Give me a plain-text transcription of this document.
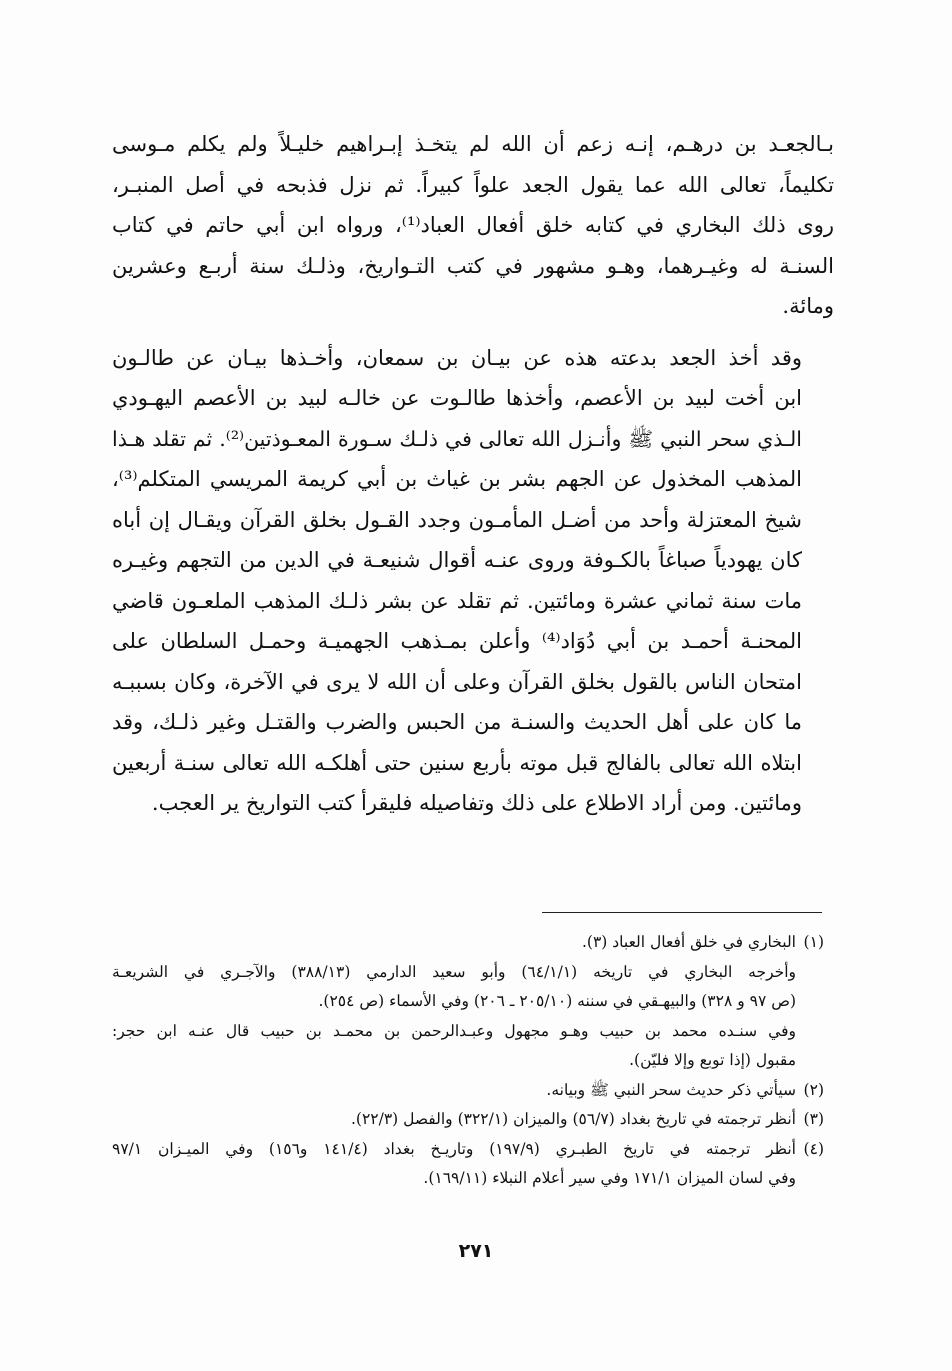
بـالجعـد بن درهـم، إنـه زعم أن الله لم يتخـذ إبـراهيم خليـلاً ولم يكلم مـوسى
تكليماً، تعالى الله عما يقول الجعد علواً كبيراً. ثم نزل فذبحه في أصل المنبـر،
روى ذلك البخاري في كتابه خلق أفعال العباد⁽¹⁾، ورواه ابن أبي حاتم في كتاب
السنـة له وغيـرهما، وهـو مشهور في كتب التـواريخ، وذلـك سنة أربـع وعشرين
ومائة.

وقد أخذ الجعد بدعته هذه عن بيـان بن سمعان، وأخـذها بيـان عن طالـون
ابن أخت لبيد بن الأعصم، وأخذها طالـوت عن خالـه لبيد بن الأعصم اليهـودي
الـذي سحر النبي ﷺ وأنـزل الله تعالى في ذلـك سـورة المعـوذتين⁽²⁾. ثم تقلد هـذا
المذهب المخذول عن الجهم بشر بن غياث بن أبي كريمة المريسي المتكلم⁽³⁾،
شيخ المعتزلة وأحد من أضـل المأمـون وجدد القـول بخلق القرآن ويقـال إن أباه
كان يهودياً صباغاً بالكـوفة وروى عنـه أقوال شنيعـة في الدين من التجهم وغيـره
مات سنة ثماني عشرة ومائتين. ثم تقلد عن بشر ذلـك المذهب الملعـون قاضي
المحنـة أحمـد بن أبي دُوَاد⁽⁴⁾ وأعلن بمـذهب الجهميـة وحمـل السلطان على
امتحان الناس بالقول بخلق القرآن وعلى أن الله لا يرى في الآخرة، وكان بسببـه
ما كان على أهل الحديث والسنـة من الحبس والضرب والقتـل وغير ذلـك، وقد
ابتلاه الله تعالى بالفالج قبل موته بأربع سنين حتى أهلكـه الله تعالى سنـة أربعين
ومائتين. ومن أراد الاطلاع على ذلك وتفاصيله فليقرأ كتب التواريخ ير العجب.

(١)
البخاري في خلق أفعال العباد (٣).
وأخرجه البخاري في تاريخه (٦٤/١/١) وأبو سعيد الدارمي (٣٨٨/١٣) والآجـري في الشريعـة
(ص ٩٧ و ٣٢٨) والبيهـقي في سننه (٢٠٥/١٠ ـ ٢٠٦) وفي الأسماء (ص ٢٥٤).
وفي سنـده محمد بن حبيب وهـو مجهول وعبـدالرحمن بن محمـد بن حبيب قال عنـه ابن حجر:
مقبول (إذا توبع وإلا فليّن).
(٢)
سيأتي ذكر حديث سحر النبي ﷺ وبيانه.
(٣)
أنظر ترجمته في تاريخ بغداد (٥٦/٧) والميزان (٣٢٢/١) والفصل (٢٢/٣).
(٤)
أنظر ترجمته في تاريخ الطبـري (١٩٧/٩) وتاريـخ بغداد (١٤١/٤ و١٥٦) وفي الميـزان ٩٧/١
وفي لسان الميزان ١٧١/١ وفي سير أعلام النبلاء (١٦٩/١١).
٢٧١
